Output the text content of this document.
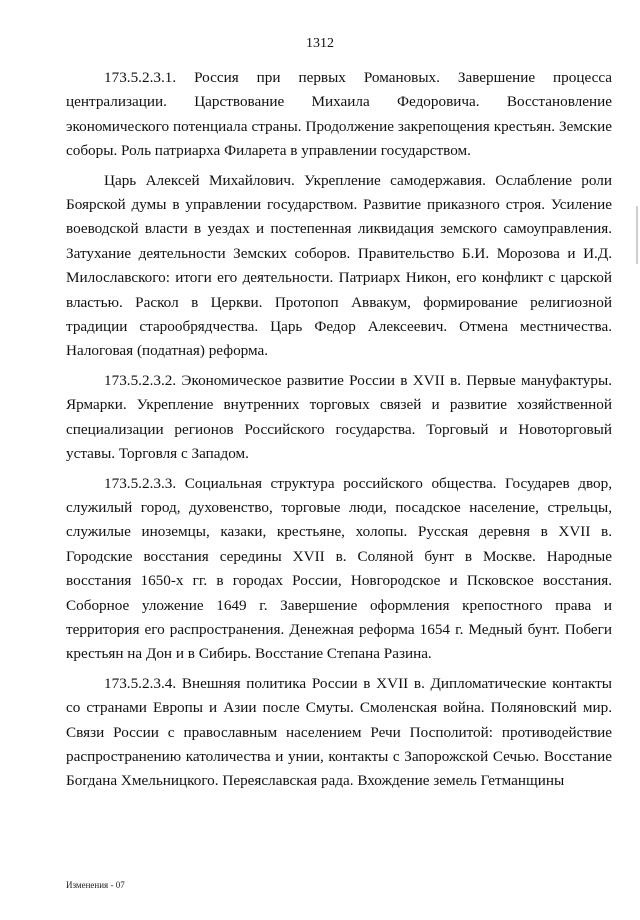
1312

173.5.2.3.1. Россия при первых Романовых. Завершение процесса централизации. Царствование Михаила Федоровича. Восстановление экономического потенциала страны. Продолжение закрепощения крестьян. Земские соборы. Роль патриарха Филарета в управлении государством.

Царь Алексей Михайлович. Укрепление самодержавия. Ослабление роли Боярской думы в управлении государством. Развитие приказного строя. Усиление воеводской власти в уездах и постепенная ликвидация земского самоуправления. Затухание деятельности Земских соборов. Правительство Б.И. Морозова и И.Д. Милославского: итоги его деятельности. Патриарх Никон, его конфликт с царской властью. Раскол в Церкви. Протопоп Аввакум, формирование религиозной традиции старообрядчества. Царь Федор Алексеевич. Отмена местничества. Налоговая (податная) реформа.

173.5.2.3.2. Экономическое развитие России в XVII в. Первые мануфактуры. Ярмарки. Укрепление внутренних торговых связей и развитие хозяйственной специализации регионов Российского государства. Торговый и Новоторговый уставы. Торговля с Западом.

173.5.2.3.3. Социальная структура российского общества. Государев двор, служилый город, духовенство, торговые люди, посадское население, стрельцы, служилые иноземцы, казаки, крестьяне, холопы. Русская деревня в XVII в. Городские восстания середины XVII в. Соляной бунт в Москве. Народные восстания 1650-х гг. в городах России, Новгородское и Псковское восстания. Соборное уложение 1649 г. Завершение оформления крепостного права и территория его распространения. Денежная реформа 1654 г. Медный бунт. Побеги крестьян на Дон и в Сибирь. Восстание Степана Разина.

173.5.2.3.4. Внешняя политика России в XVII в. Дипломатические контакты со странами Европы и Азии после Смуты. Смоленская война. Поляновский мир. Связи России с православным населением Речи Посполитой: противодействие распространению католичества и унии, контакты с Запорожской Сечью. Восстание Богдана Хмельницкого. Переяславская рада. Вхождение земель Гетманщины

Изменения - 07
